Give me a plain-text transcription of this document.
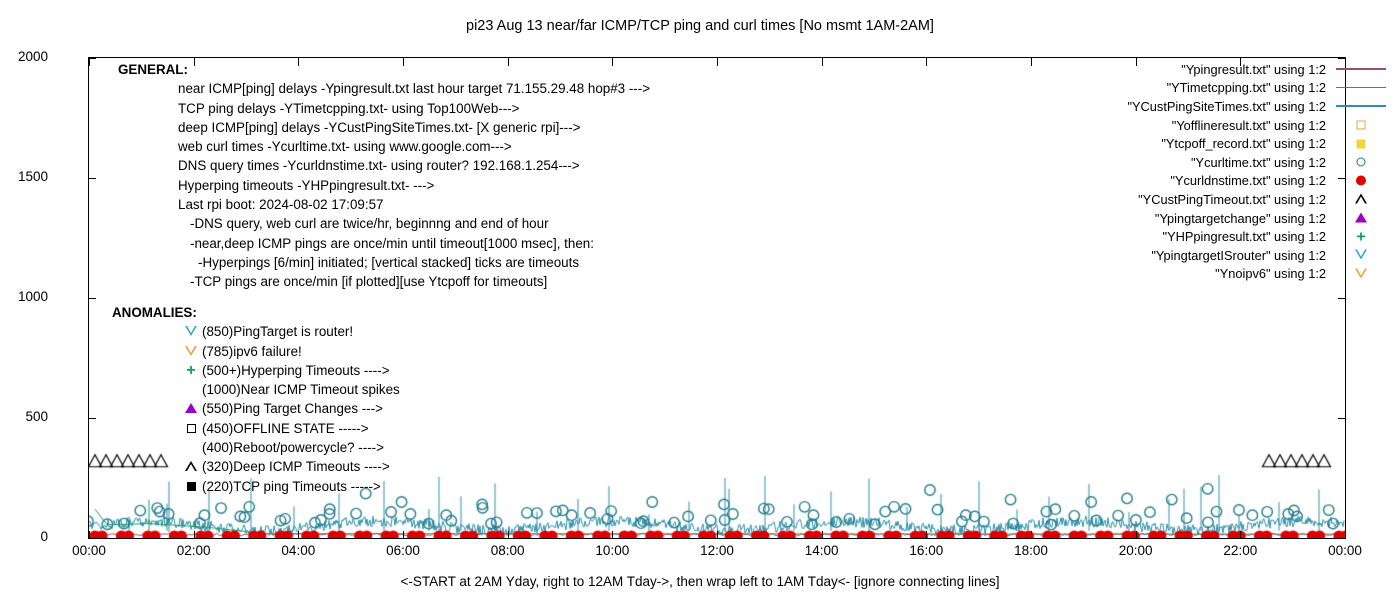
pi23 Aug 13 near/far ICMP/TCP ping and curl times [No msmt 1AM-2AM]
0
500
1000
1500
2000
00:00	02:00	04:00	06:00	08:00	10:00	12:00	14:00	16:00	18:00	20:00	22:00	00:00
<-START at 2AM Yday, right to 12AM Tday->, then wrap left to 1AM Tday<- [ignore connecting lines]
"Ypingresult.txt" using 1:2
"YTimetcpping.txt" using 1:2
"YCustPingSiteTimes.txt" using 1:2
"Yofflineresult.txt" using 1:2
"Ytcpoff_record.txt" using 1:2
"Ycurltime.txt" using 1:2
"Ycurldnstime.txt" using 1:2
"YCustPingTimeout.txt" using 1:2
"Ypingtargetchange" using 1:2
"YHPpingresult.txt" using 1:2	+
"YpingtargetISrouter" using 1:2
"Ynoipv6" using 1:2
GENERAL:
near ICMP[ping] delays -Ypingresult.txt last hour target 71.155.29.48 hop#3 --->
TCP ping delays -YTimetcpping.txt- using Top100Web--->
deep ICMP[ping] delays -YCustPingSiteTimes.txt- [X generic rpi]--->
web curl times -Ycurltime.txt- using www.google.com--->
DNS query times -Ycurldnstime.txt- using router? 192.168.1.254--->
Hyperping timeouts -YHPpingresult.txt- --->
Last rpi boot: 2024-08-02 17:09:57
-DNS query, web curl are twice/hr, beginnng and end of hour
-near,deep ICMP pings are once/min until timeout[1000 msec], then:
-Hyperpings [6/min] initiated; [vertical stacked] ticks are timeouts
-TCP pings are once/min [if plotted][use Ytcpoff for timeouts]
ANOMALIES:
(850)PingTarget is router!
(785)ipv6 failure!
+ (500+)Hyperping Timeouts ---->
(1000)Near ICMP Timeout spikes
(550)Ping Target Changes --->
(450)OFFLINE STATE ----->
(400)Reboot/powercycle? ---->
(320)Deep ICMP Timeouts ---->
(220)TCP ping Timeouts ----->
